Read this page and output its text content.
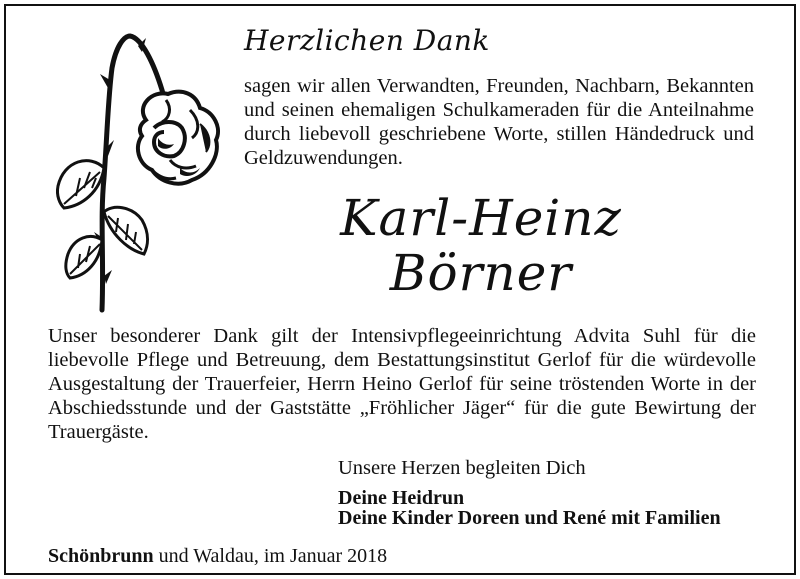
Herzlichen Dank
sagen wir allen Verwandten, Freunden, Nachbarn, Bekannten und seinen ehemaligen Schulkameraden für die Anteilnahme durch liebevoll geschriebene Worte, stillen Händedruck und Geldzuwendungen.
Karl-Heinz
Börner
Unser besonderer Dank gilt der Intensivpflegeeinrichtung Advita Suhl für die liebevolle Pflege und Betreuung, dem Bestattungsinstitut Gerlof für die würdevolle Ausgestaltung der Trauerfeier, Herrn Heino Gerlof für seine tröstenden Worte in der Abschiedsstunde und der Gaststätte „Fröhlicher Jäger“ für die gute Bewirtung der Trauergäste.
Unsere Herzen begleiten Dich
Deine Heidrun
Deine Kinder Doreen und René mit Familien
Schönbrunn und Waldau, im Januar 2018
